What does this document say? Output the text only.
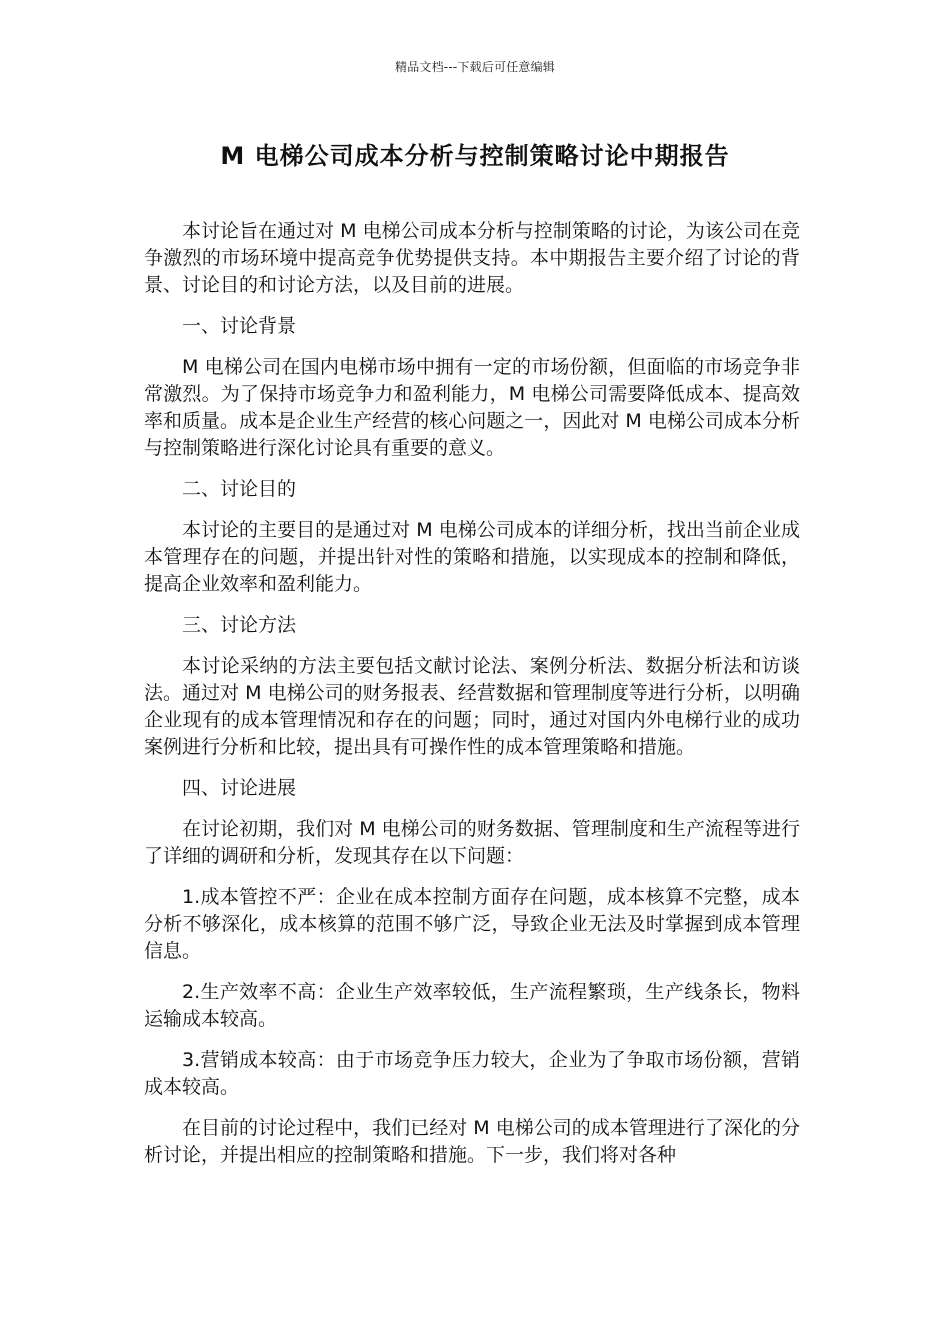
精品文档---下载后可任意编辑
M 电梯公司成本分析与控制策略讨论中期报告

本讨论旨在通过对 M 电梯公司成本分析与控制策略的讨论，为该公司在竞争激烈的市场环境中提高竞争优势提供支持。本中期报告主要介绍了讨论的背景、讨论目的和讨论方法，以及目前的进展。

一、讨论背景

M 电梯公司在国内电梯市场中拥有一定的市场份额，但面临的市场竞争非常激烈。为了保持市场竞争力和盈利能力，M 电梯公司需要降低成本、提高效率和质量。成本是企业生产经营的核心问题之一，因此对 M 电梯公司成本分析与控制策略进行深化讨论具有重要的意义。

二、讨论目的

本讨论的主要目的是通过对 M 电梯公司成本的详细分析，找出当前企业成本管理存在的问题，并提出针对性的策略和措施，以实现成本的控制和降低，提高企业效率和盈利能力。

三、讨论方法

本讨论采纳的方法主要包括文献讨论法、案例分析法、数据分析法和访谈法。通过对 M 电梯公司的财务报表、经营数据和管理制度等进行分析，以明确企业现有的成本管理情况和存在的问题；同时，通过对国内外电梯行业的成功案例进行分析和比较，提出具有可操作性的成本管理策略和措施。

四、讨论进展

在讨论初期，我们对 M 电梯公司的财务数据、管理制度和生产流程等进行了详细的调研和分析，发现其存在以下问题：

1.成本管控不严：企业在成本控制方面存在问题，成本核算不完整，成本分析不够深化，成本核算的范围不够广泛，导致企业无法及时掌握到成本管理信息。

2.生产效率不高：企业生产效率较低，生产流程繁琐，生产线条长，物料运输成本较高。

3.营销成本较高：由于市场竞争压力较大，企业为了争取市场份额，营销成本较高。

在目前的讨论过程中，我们已经对 M 电梯公司的成本管理进行了深化的分析讨论，并提出相应的控制策略和措施。下一步，我们将对各种
